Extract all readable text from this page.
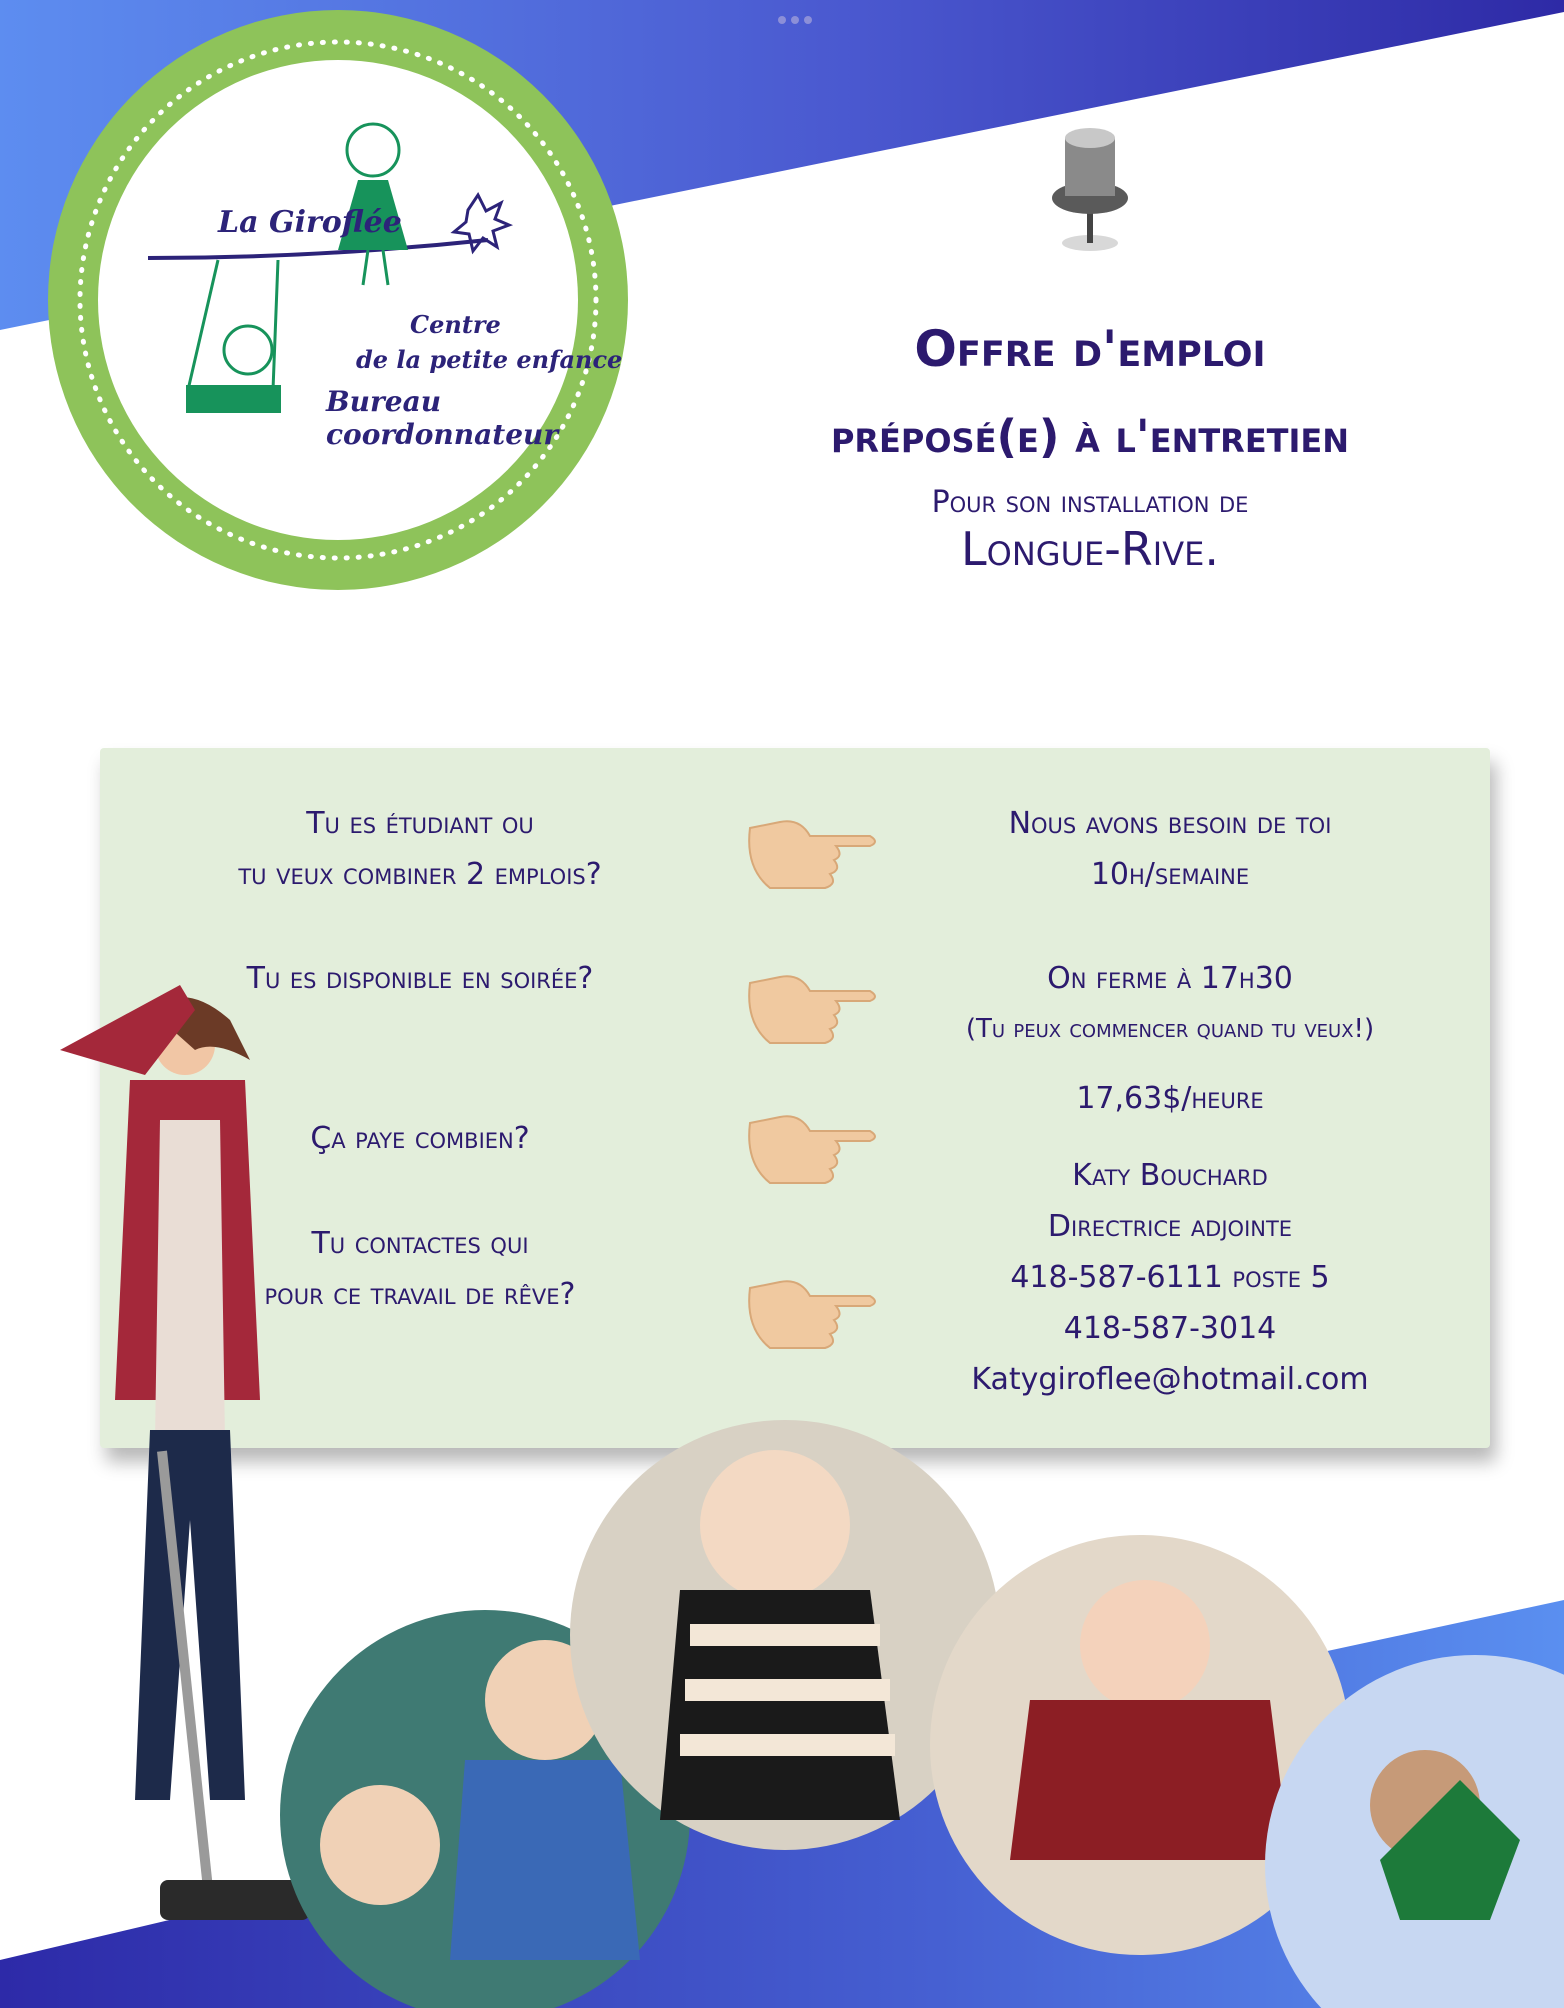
La Giroflée
Centre
de la petite enfance
Bureau coordonnateur
Offre d'emploi
préposé(e) à l'entretien
Pour son installation de
Longue-Rive.
Tu es étudiant ou
tu veux combiner 2 emplois?
Nous avons besoin de toi
10h/semaine
Tu es disponible en soirée?	On ferme à 17h30
(Tu peux commencer quand tu veux!)
Ça paye combien?
17,63$/heure
Tu contactes qui
pour ce travail de rêve?
Katy Bouchard
Directrice adjointe
418-587-6111 poste 5
418-587-3014
Katygiroflee@hotmail.com
